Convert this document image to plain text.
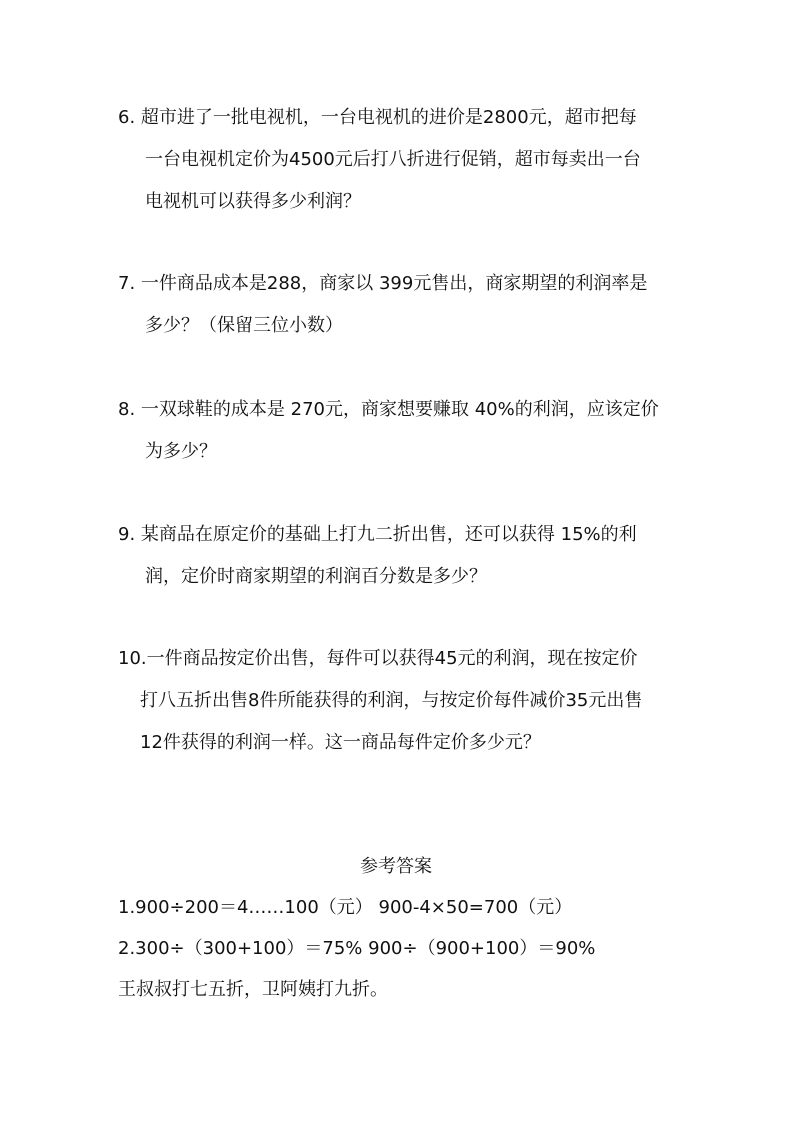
6. 超市进了一批电视机，一台电视机的进价是2800元，超市把每
一台电视机定价为4500元后打八折进行促销，超市每卖出一台
电视机可以获得多少利润？
7. 一件商品成本是288，商家以 399元售出，商家期望的利润率是
多少？（保留三位小数）
8. 一双球鞋的成本是 270元，商家想要赚取 40%的利润，应该定价
为多少？
9. 某商品在原定价的基础上打九二折出售，还可以获得 15%的利
润，定价时商家期望的利润百分数是多少？
10.一件商品按定价出售，每件可以获得45元的利润，现在按定价
打八五折出售8件所能获得的利润，与按定价每件减价35元出售
12件获得的利润一样。这一商品每件定价多少元？
参考答案
1.900÷200＝4……100（元） 900-4×50=700（元）
2.300÷（300+100）＝75% 900÷（900+100）＝90%
王叔叔打七五折，卫阿姨打九折。
